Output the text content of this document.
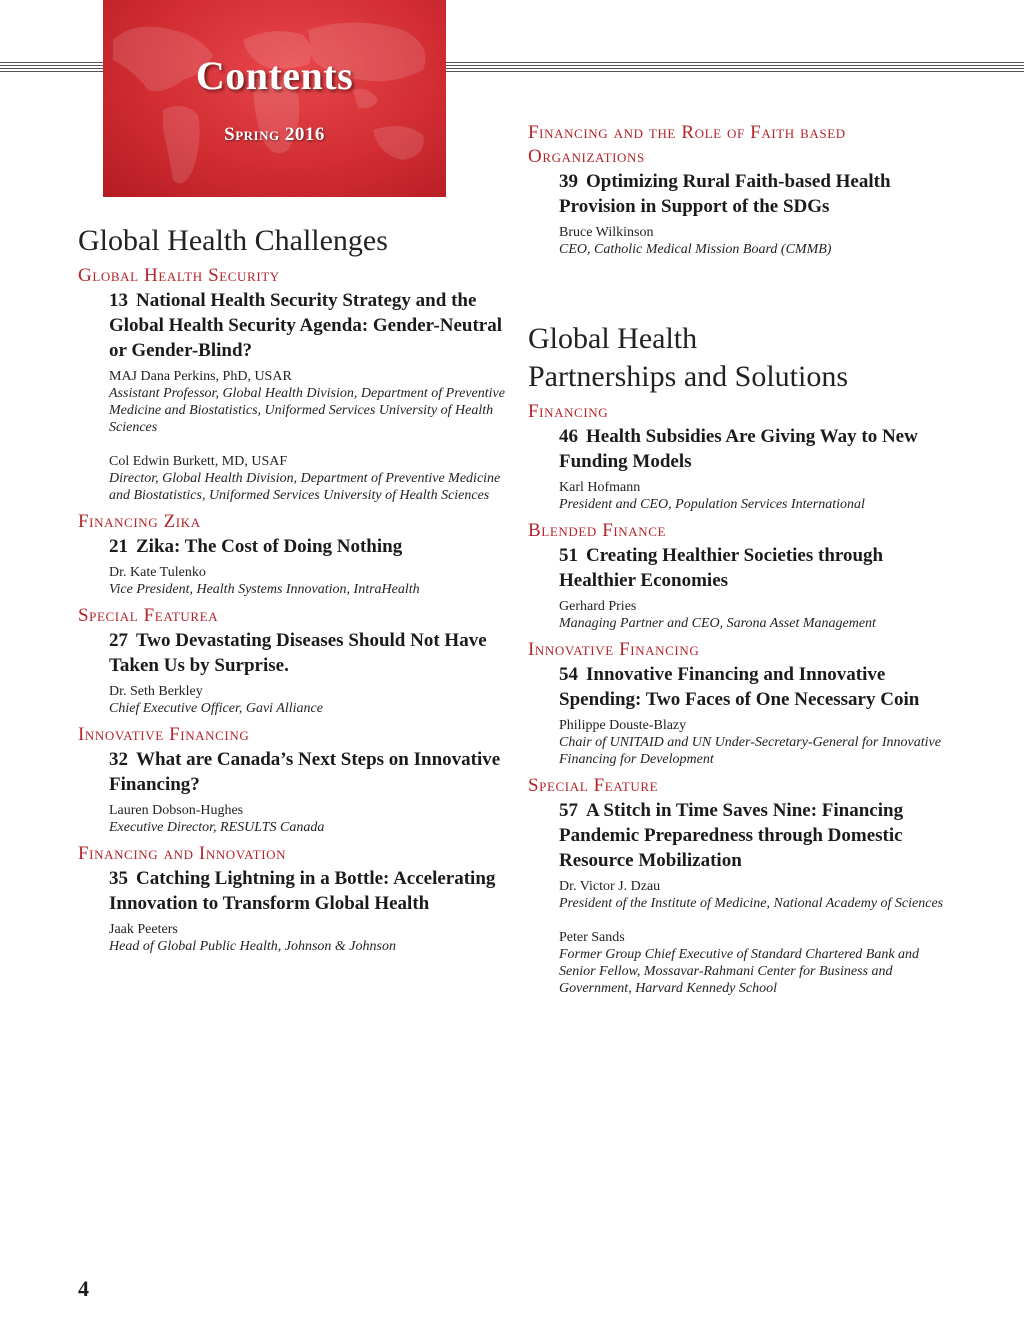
Contents
Spring 2016
Global Health Challenges
Global Health Security

13 National Health Security Strategy and the Global Health Security Agenda: Gender-Neutral or Gender-Blind?

MAJ Dana Perkins, PhD, USAR
Assistant Professor, Global Health Division, Department of Preventive Medicine and Biostatistics, Uniformed Services University of Health Sciences
Col Edwin Burkett, MD, USAF
Director, Global Health Division, Department of Preventive Medicine and Biostatistics, Uniformed Services University of Health Sciences
Financing Zika

21 Zika: The Cost of Doing Nothing

Dr. Kate Tulenko
Vice President, Health Systems Innovation, IntraHealth
Special Featurea

27 Two Devastating Diseases Should Not Have Taken Us by Surprise.

Dr. Seth Berkley
Chief Executive Officer, Gavi Alliance
Innovative Financing

32 What are Canada’s Next Steps on Innovative Financing?

Lauren Dobson-Hughes
Executive Director, RESULTS Canada
Financing and Innovation

35 Catching Lightning in a Bottle: Accelerating Innovation to Transform Global Health

Jaak Peeters
Head of Global Public Health, Johnson & Johnson
Financing and the Role of Faith based Organizations

39 Optimizing Rural Faith-based Health Provision in Support of the SDGs

Bruce Wilkinson
CEO, Catholic Medical Mission Board (CMMB)
Global Health
Partnerships and Solutions
Financing

46 Health Subsidies Are Giving Way to New Funding Models

Karl Hofmann
President and CEO, Population Services International
Blended Finance

51 Creating Healthier Societies through Healthier Economies

Gerhard Pries
Managing Partner and CEO, Sarona Asset Management
Innovative Financing

54 Innovative Financing and Innovative Spending: Two Faces of One Necessary Coin

Philippe Douste-Blazy
Chair of UNITAID and UN Under-Secretary-General for Innovative Financing for Development
Special Feature

57 A Stitch in Time Saves Nine: Financing Pandemic Preparedness through Domestic Resource Mobilization

Dr. Victor J. Dzau
President of the Institute of Medicine, National Academy of Sciences
Peter Sands
Former Group Chief Executive of Standard Chartered Bank and Senior Fellow, Mossavar-Rahmani Center for Business and Government, Harvard Kennedy School
4
